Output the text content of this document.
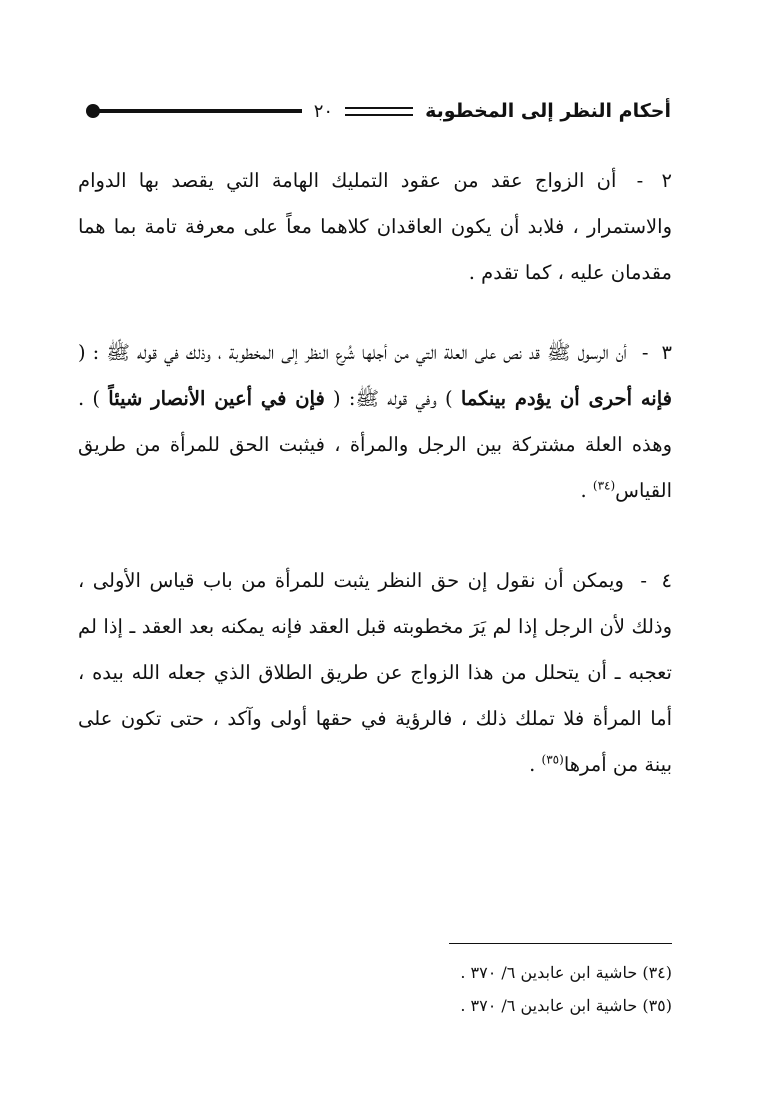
أحكام النظر إلى المخطوبة
٢٠

٢ - أن الزواج عقد من عقود التمليك الهامة التي يقصد بها الدوام والاستمرار ، فلابد أن يكون العاقدان كلاهما معاً على معرفة تامة بما هما مقدمان عليه ، كما تقدم .

٣ - أن الرسول ﷺ قد نص على العلة التي من أجلها شُرع النظر إلى المخطوبة ، وذلك في قوله ﷺ : ( فإنه أحرى أن يؤدم بينكما ) وفي قوله ﷺ: ( فإن في أعين الأنصار شيئاً ) . وهذه العلة مشتركة بين الرجل والمرأة ، فيثبت الحق للمرأة من طريق القياس$^{(٣٤)}$ .

٤ - ويمكن أن نقول إن حق النظر يثبت للمرأة من باب قياس الأولى ، وذلك لأن الرجل إذا لم يَرَ مخطوبته قبل العقد فإنه يمكنه بعد العقد ـ إذا لم تعجبه ـ أن يتحلل من هذا الزواج عن طريق الطلاق الذي جعله الله بيده ، أما المرأة فلا تملك ذلك ، فالرؤية في حقها أولى وآكد ، حتى تكون على بينة من أمرها$^{(٣٥)}$ .

(٣٤) حاشية ابن عابدين ٦/ ٣٧٠ .
(٣٥) حاشية ابن عابدين ٦/ ٣٧٠ .
